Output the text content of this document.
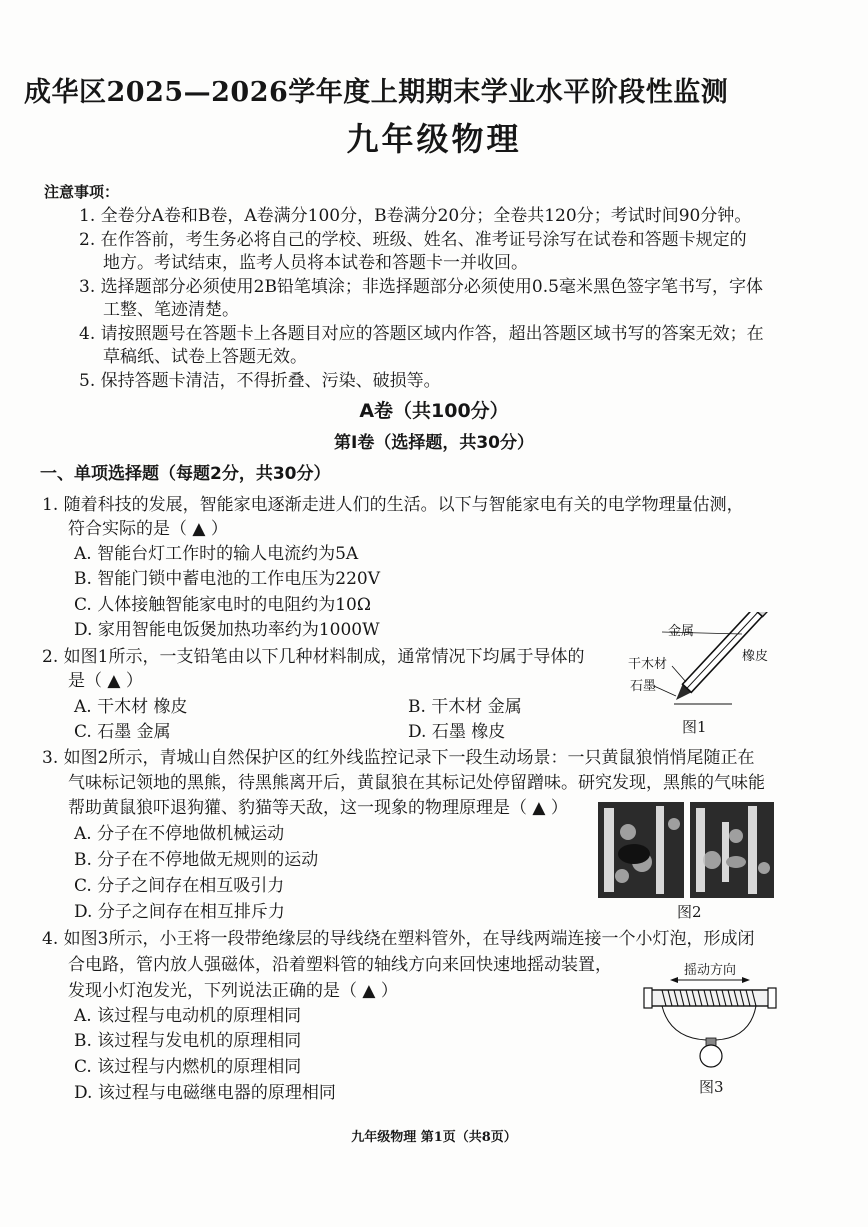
成华区2025—2026学年度上期期末学业水平阶段性监测
九年级物理
注意事项：
1. 全卷分A卷和B卷，A卷满分100分，B卷满分20分；全卷共120分；考试时间90分钟。
2. 在作答前，考生务必将自己的学校、班级、姓名、准考证号涂写在试卷和答题卡规定的
地方。考试结束，监考人员将本试卷和答题卡一并收回。
3. 选择题部分必须使用2B铅笔填涂；非选择题部分必须使用0.5毫米黑色签字笔书写，字体
工整、笔迹清楚。
4. 请按照题号在答题卡上各题目对应的答题区域内作答，超出答题区域书写的答案无效；在
草稿纸、试卷上答题无效。
5. 保持答题卡清洁，不得折叠、污染、破损等。
A卷（共100分）
第Ⅰ卷（选择题，共30分）
一、单项选择题（每题2分，共30分）
1. 随着科技的发展，智能家电逐渐走进人们的生活。以下与智能家电有关的电学物理量估测，
符合实际的是（ ▲ ）
A. 智能台灯工作时的输人电流约为5A
B. 智能门锁中蓄电池的工作电压为220V
C. 人体接触智能家电时的电阻约为10Ω
D. 家用智能电饭煲加热功率约为1000W
2. 如图1所示，一支铅笔由以下几种材料制成，通常情况下均属于导体的
是（ ▲ ）
A. 干木材 橡皮	B. 干木材 金属
C. 石墨 金属	D. 石墨 橡皮
金属
橡皮
干木材
石墨
图1
3. 如图2所示，青城山自然保护区的红外线监控记录下一段生动场景：一只黄鼠狼悄悄尾随正在
气味标记领地的黑熊，待黑熊离开后，黄鼠狼在其标记处停留蹭味。研究发现，黑熊的气味能
帮助黄鼠狼吓退狗獾、豹猫等天敌，这一现象的物理原理是（ ▲ ）
A. 分子在不停地做机械运动
B. 分子在不停地做无规则的运动
C. 分子之间存在相互吸引力
D. 分子之间存在相互排斥力	图2
4. 如图3所示，小王将一段带绝缘层的导线绕在塑料管外，在导线两端连接一个小灯泡，形成闭
合电路，管内放人强磁体，沿着塑料管的轴线方向来回快速地摇动装置，
发现小灯泡发光，下列说法正确的是（ ▲ ）
A. 该过程与电动机的原理相同
B. 该过程与发电机的原理相同
C. 该过程与内燃机的原理相同
D. 该过程与电磁继电器的原理相同
摇动方向
图3
九年级物理 第1页（共8页）
